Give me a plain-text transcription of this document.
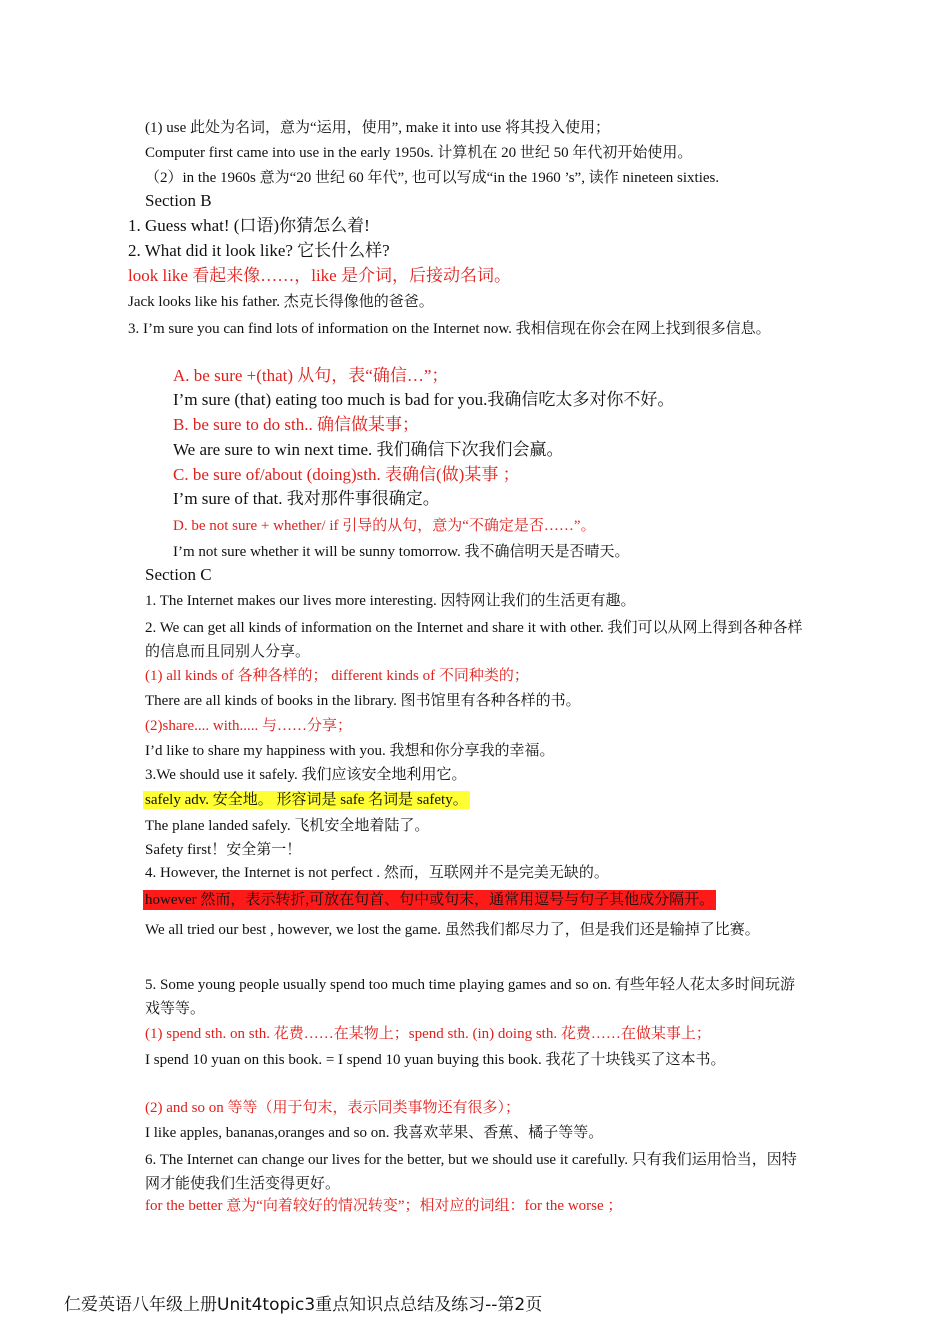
(1) use 此处为名词，意为“运用，使用”, make it into use 将其投入使用；
Computer first came into use in the early 1950s. 计算机在 20 世纪 50 年代初开始使用。
（2）in the 1960s 意为“20 世纪 60 年代”, 也可以写成“in the 1960 ’s”, 读作 nineteen sixties.
Section B
1. Guess what! (口语)你猜怎么着!
2. What did it look like? 它长什么样?
look like 看起来像……，like 是介词，后接动名词。
Jack looks like his father. 杰克长得像他的爸爸。
3. I’m sure you can find lots of information on the Internet now. 我相信现在你会在网上找到很多信息。
A. be sure +(that) 从句，表“确信…”；
I’m sure (that) eating too much is bad for you.我确信吃太多对你不好。
B. be sure to do sth.. 确信做某事；
We are sure to win next time. 我们确信下次我们会赢。
C. be sure of/about (doing)sth. 表确信(做)某事 ；
I’m sure of that. 我对那件事很确定。
D. be not sure + whether/ if 引导的从句，意为“不确定是否……”。
I’m not sure whether it will be sunny tomorrow. 我不确信明天是否晴天。
Section C
1. The Internet makes our lives more interesting. 因特网让我们的生活更有趣。
2. We can get all kinds of information on the Internet and share it with other. 我们可以从网上得到各种各样的信息而且同别人分享。
(1) all kinds of 各种各样的； different kinds of 不同种类的；
There are all kinds of books in the library. 图书馆里有各种各样的书。
(2)share.... with..... 与……分享；
I’d like to share my happiness with you. 我想和你分享我的幸福。
3.We should use it safely. 我们应该安全地利用它。
safely adv. 安全地。 形容词是 safe 名词是 safety。
The plane landed safely. 飞机安全地着陆了。
Safety first！安全第一！
4. However, the Internet is not perfect . 然而，互联网并不是完美无缺的。
however 然而，表示转折,可放在句首、句中或句末，通常用逗号与句子其他成分隔开。
We all tried our best , however, we lost the game. 虽然我们都尽力了，但是我们还是输掉了比赛。
5. Some young people usually spend too much time playing games and so on. 有些年轻人花太多时间玩游戏等等。
(1) spend sth. on sth. 花费……在某物上；spend sth. (in) doing sth. 花费……在做某事上；
I spend 10 yuan on this book. = I spend 10 yuan buying this book. 我花了十块钱买了这本书。
(2) and so on 等等（用于句末，表示同类事物还有很多）；
I like apples, bananas,oranges and so on. 我喜欢苹果、香蕉、橘子等等。
6. The Internet can change our lives for the better, but we should use it carefully. 只有我们运用恰当，因特网才能使我们生活变得更好。
for the better 意为“向着较好的情况转变”；相对应的词组：for the worse ；
仁爱英语八年级上册Unit4topic3重点知识点总结及练习--第2页
